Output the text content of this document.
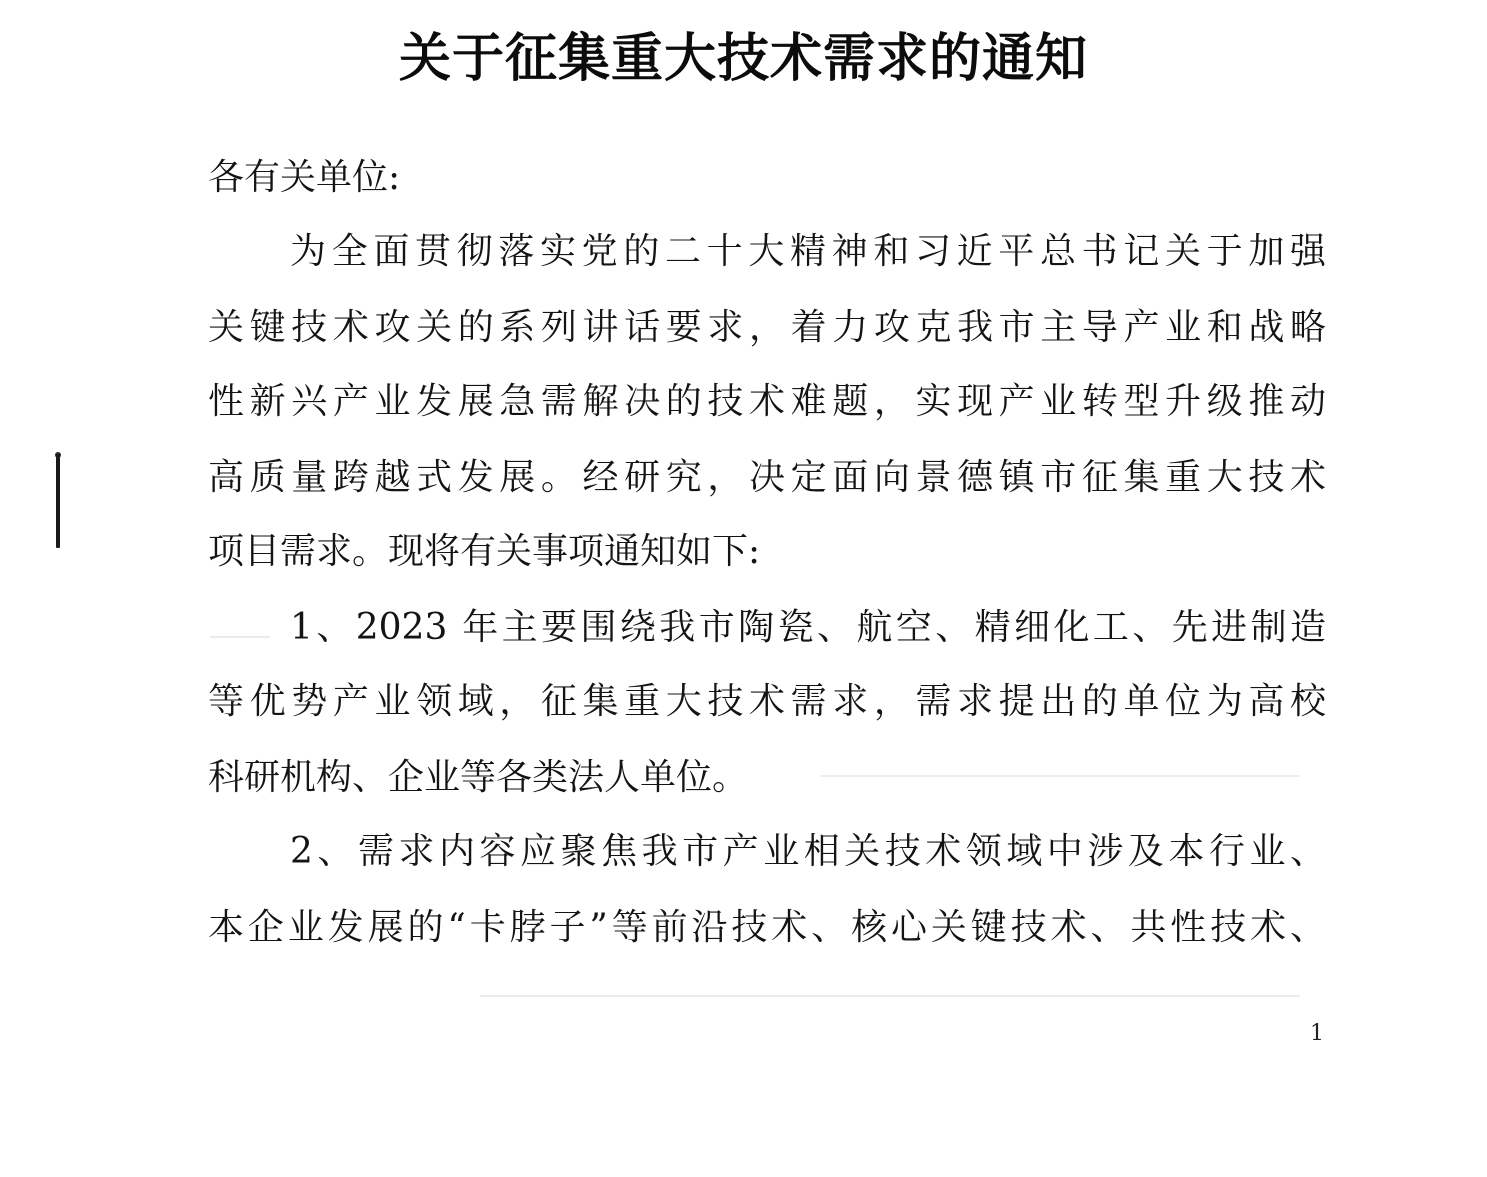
关于征集重大技术需求的通知
各有关单位:
为全面贯彻落实党的二十大精神和习近平总书记关于加强
关键技术攻关的系列讲话要求，着力攻克我市主导产业和战略
性新兴产业发展急需解决的技术难题，实现产业转型升级推动
高质量跨越式发展。经研究，决定面向景德镇市征集重大技术
项目需求。现将有关事项通知如下:
1、2023 年主要围绕我市陶瓷、航空、精细化工、先进制造
等优势产业领域，征集重大技术需求，需求提出的单位为高校
科研机构、企业等各类法人单位。
2、需求内容应聚焦我市产业相关技术领域中涉及本行业、
本企业发展的“卡脖子”等前沿技术、核心关键技术、共性技术、
1
